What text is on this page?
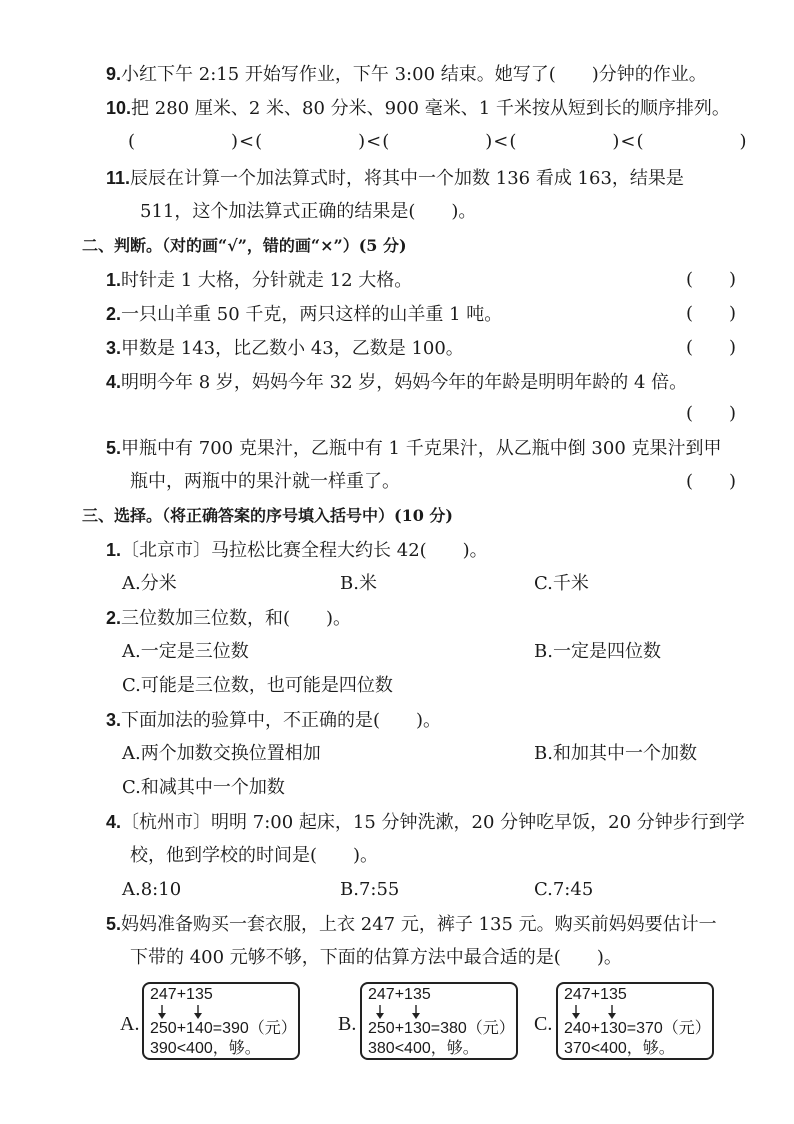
9.小红下午 2:15 开始写作业，下午 3:00 结束。她写了(　　)分钟的作业。
10.把 280 厘米、2 米、80 分米、900 毫米、1 千米按从短到长的顺序排列。
(　　　　　)<(　　　　　)<(　　　　　)<(　　　　　)<(　　　　　)
11.辰辰在计算一个加法算式时，将其中一个加数 136 看成 163，结果是
511，这个加法算式正确的结果是(　　)。
二、判断。（对的画“√”，错的画“×”）(5 分)
1.时针走 1 大格，分针就走 12 大格。	(　　)
2.一只山羊重 50 千克，两只这样的山羊重 1 吨。	(　　)
3.甲数是 143，比乙数小 43，乙数是 100。	(　　)
4.明明今年 8 岁，妈妈今年 32 岁，妈妈今年的年龄是明明年龄的 4 倍。
(　　)
5.甲瓶中有 700 克果汁，乙瓶中有 1 千克果汁，从乙瓶中倒 300 克果汁到甲
瓶中，两瓶中的果汁就一样重了。	(　　)
三、选择。（将正确答案的序号填入括号中）(10 分)
1.〔北京市〕马拉松比赛全程大约长 42(　　)。
A.分米	B.米	C.千米
2.三位数加三位数，和(　　)。
A.一定是三位数	B.一定是四位数
C.可能是三位数，也可能是四位数
3.下面加法的验算中，不正确的是(　　)。
A.两个加数交换位置相加	B.和加其中一个加数
C.和减其中一个加数
4.〔杭州市〕明明 7:00 起床，15 分钟洗漱，20 分钟吃早饭，20 分钟步行到学
校，他到学校的时间是(　　)。
A.8:10	B.7:55	C.7:45
5.妈妈准备购买一套衣服，上衣 247 元，裤子 135 元。购买前妈妈要估计一
下带的 400 元够不够，下面的估算方法中最合适的是(　　)。
A.
247+135
250+140=390（元）
390<400，够。
B.
247+135
250+130=380（元）
380<400，够。
C.
247+135
240+130=370（元）
370<400，够。
